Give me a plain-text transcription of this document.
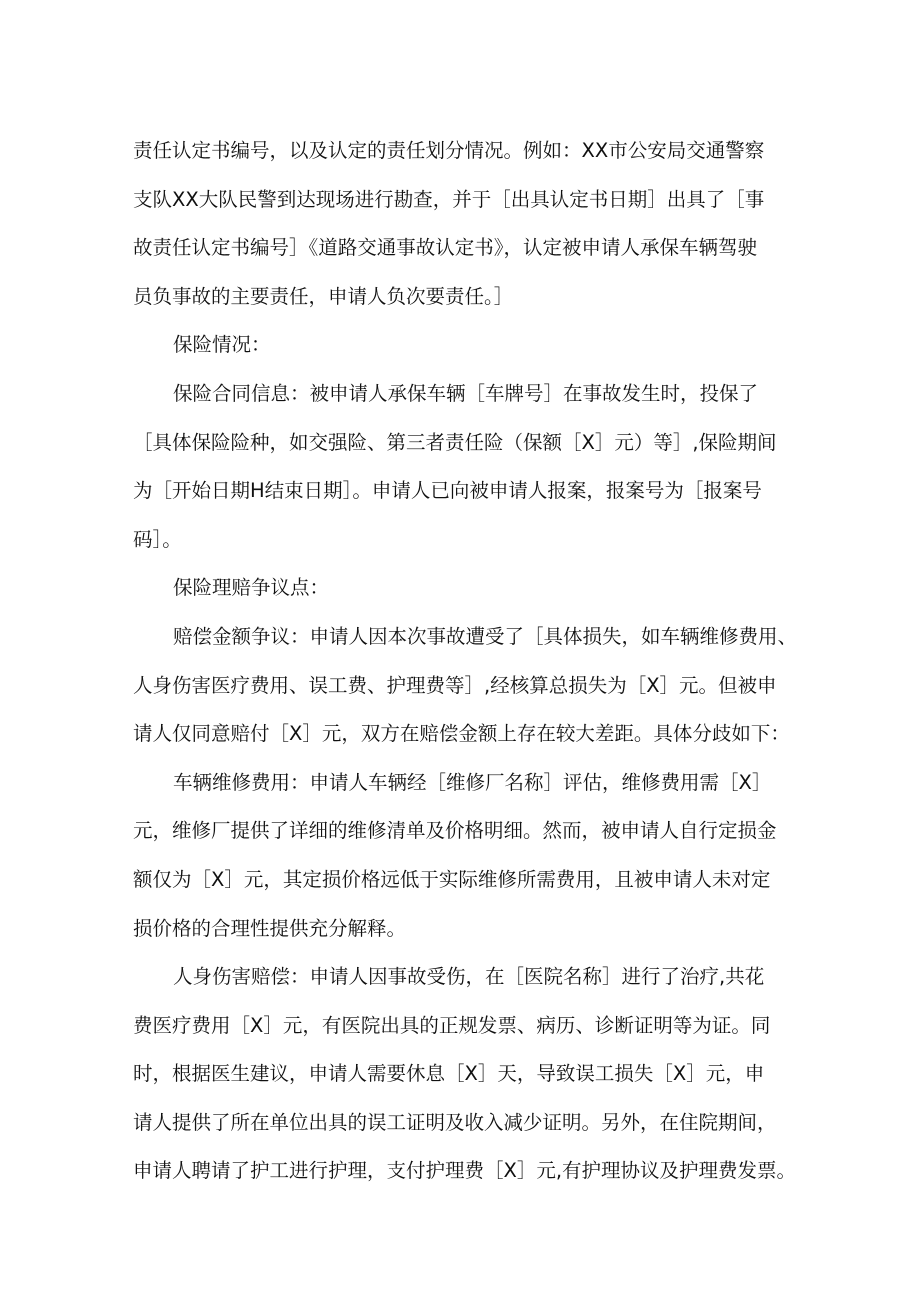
责任认定书编号，以及认定的责任划分情况。例如：XX市公安局交通警察
支队XX大队民警到达现场进行勘查，并于［出具认定书日期］出具了［事
故责任认定书编号］《道路交通事故认定书》，认定被申请人承保车辆驾驶
员负事故的主要责任，申请人负次要责任。］
保险情况：
保险合同信息：被申请人承保车辆［车牌号］在事故发生时，投保了
［具体保险险种，如交强险、第三者责任险（保额［X］元）等］,保险期间
为［开始日期H结束日期］。申请人已向被申请人报案，报案号为［报案号
码］。
保险理赔争议点：
赔偿金额争议：申请人因本次事故遭受了［具体损失，如车辆维修费用、
人身伤害医疗费用、误工费、护理费等］,经核算总损失为［X］元。但被申
请人仅同意赔付［X］元，双方在赔偿金额上存在较大差距。具体分歧如下：
车辆维修费用：申请人车辆经［维修厂名称］评估，维修费用需［X］
元，维修厂提供了详细的维修清单及价格明细。然而，被申请人自行定损金
额仅为［X］元，其定损价格远低于实际维修所需费用，且被申请人未对定
损价格的合理性提供充分解释。
人身伤害赔偿：申请人因事故受伤，在［医院名称］进行了治疗,共花
费医疗费用［X］元，有医院出具的正规发票、病历、诊断证明等为证。同
时，根据医生建议，申请人需要休息［X］天，导致误工损失［X］元，申
请人提供了所在单位出具的误工证明及收入减少证明。另外，在住院期间，
申请人聘请了护工进行护理，支付护理费［X］元,有护理协议及护理费发票。
